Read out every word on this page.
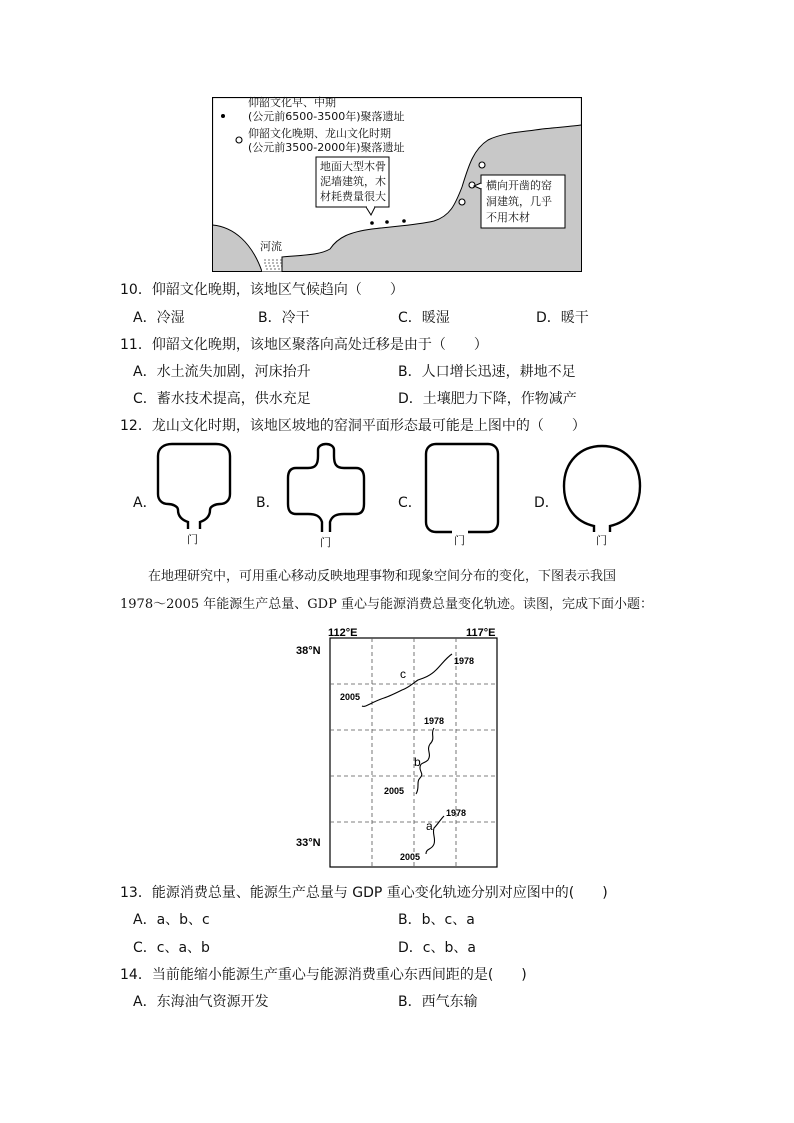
仰韶文化早、中期
(公元前6500-3500年)聚落遗址
仰韶文化晚期、龙山文化时期
(公元前3500-2000年)聚落遗址
地面大型木骨
泥墙建筑，木
材耗费量很大
横向开凿的窑
洞建筑，几乎
不用木材
河流
10．仰韶文化晚期，该地区气候趋向（　　）
A．冷湿	B．冷干	C．暖湿	D．暖干
11．仰韶文化晚期，该地区聚落向高处迁移是由于（　　）
A．水土流失加剧，河床抬升	B．人口增长迅速，耕地不足
C．蓄水技术提高，供水充足	D．土壤肥力下降，作物减产
12．龙山文化时期，该地区坡地的窑洞平面形态最可能是上图中的（　　）
A．
门
B．
门
C．
门
D．
门
在地理研究中，可用重心移动反映地理事物和现象空间分布的变化，下图表示我国
1978～2005 年能源生产总量、GDP 重心与能源消费总量变化轨迹。读图，完成下面小题：
112°E	117°E
38°N
33°N
c
1978
2005
b
1978
2005
a
1978
2005
13．能源消费总量、能源生产总量与 GDP 重心变化轨迹分别对应图中的(　　)
A．a、b、c	B．b、c、a
C．c、a、b	D．c、b、a
14．当前能缩小能源生产重心与能源消费重心东西间距的是(　　)
A．东海油气资源开发	B．西气东输
